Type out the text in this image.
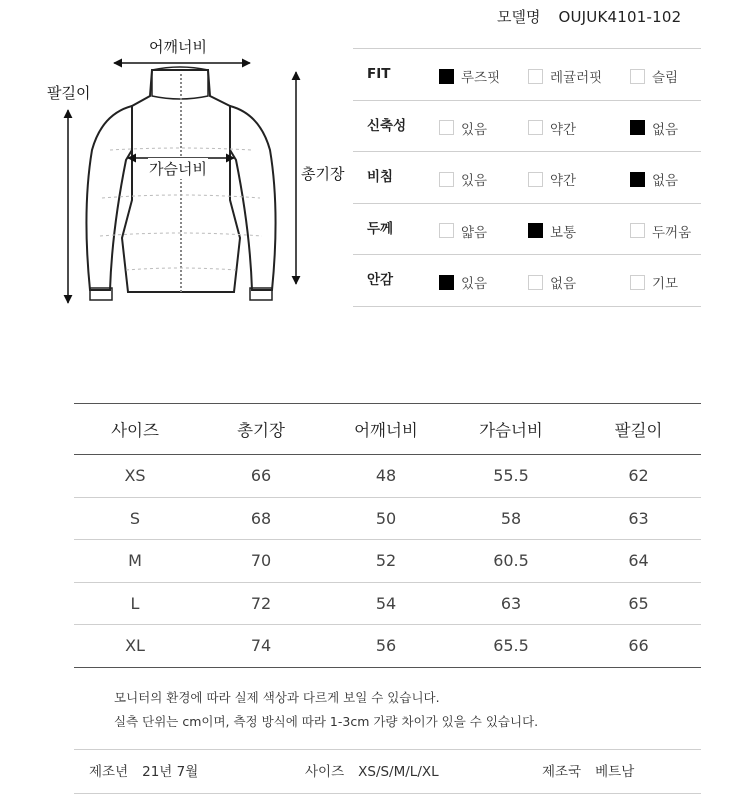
모델명 OUJUK4101-102
어깨너비
가슴너비	총기장
팔길이
FIT	루즈핏	레귤러핏	슬림
신축성	있음	약간	없음
비침	있음	약간	없음
두께	얇음	보통	두꺼움
안감	있음	없음	기모
사이즈	총기장	어깨너비	가슴너비	팔길이
XS	66	48	55.5	62
S	68	50	58	63
M	70	52	60.5	64
L	72	54	63	65
XL	74	56	65.5	66
모니터의 환경에 따라 실제 색상과 다르게 보일 수 있습니다.
실측 단위는 cm이며, 측정 방식에 따라 1-3cm 가량 차이가 있을 수 있습니다.
제조년 21년 7월	사이즈 XS/S/M/L/XL	제조국 베트남
